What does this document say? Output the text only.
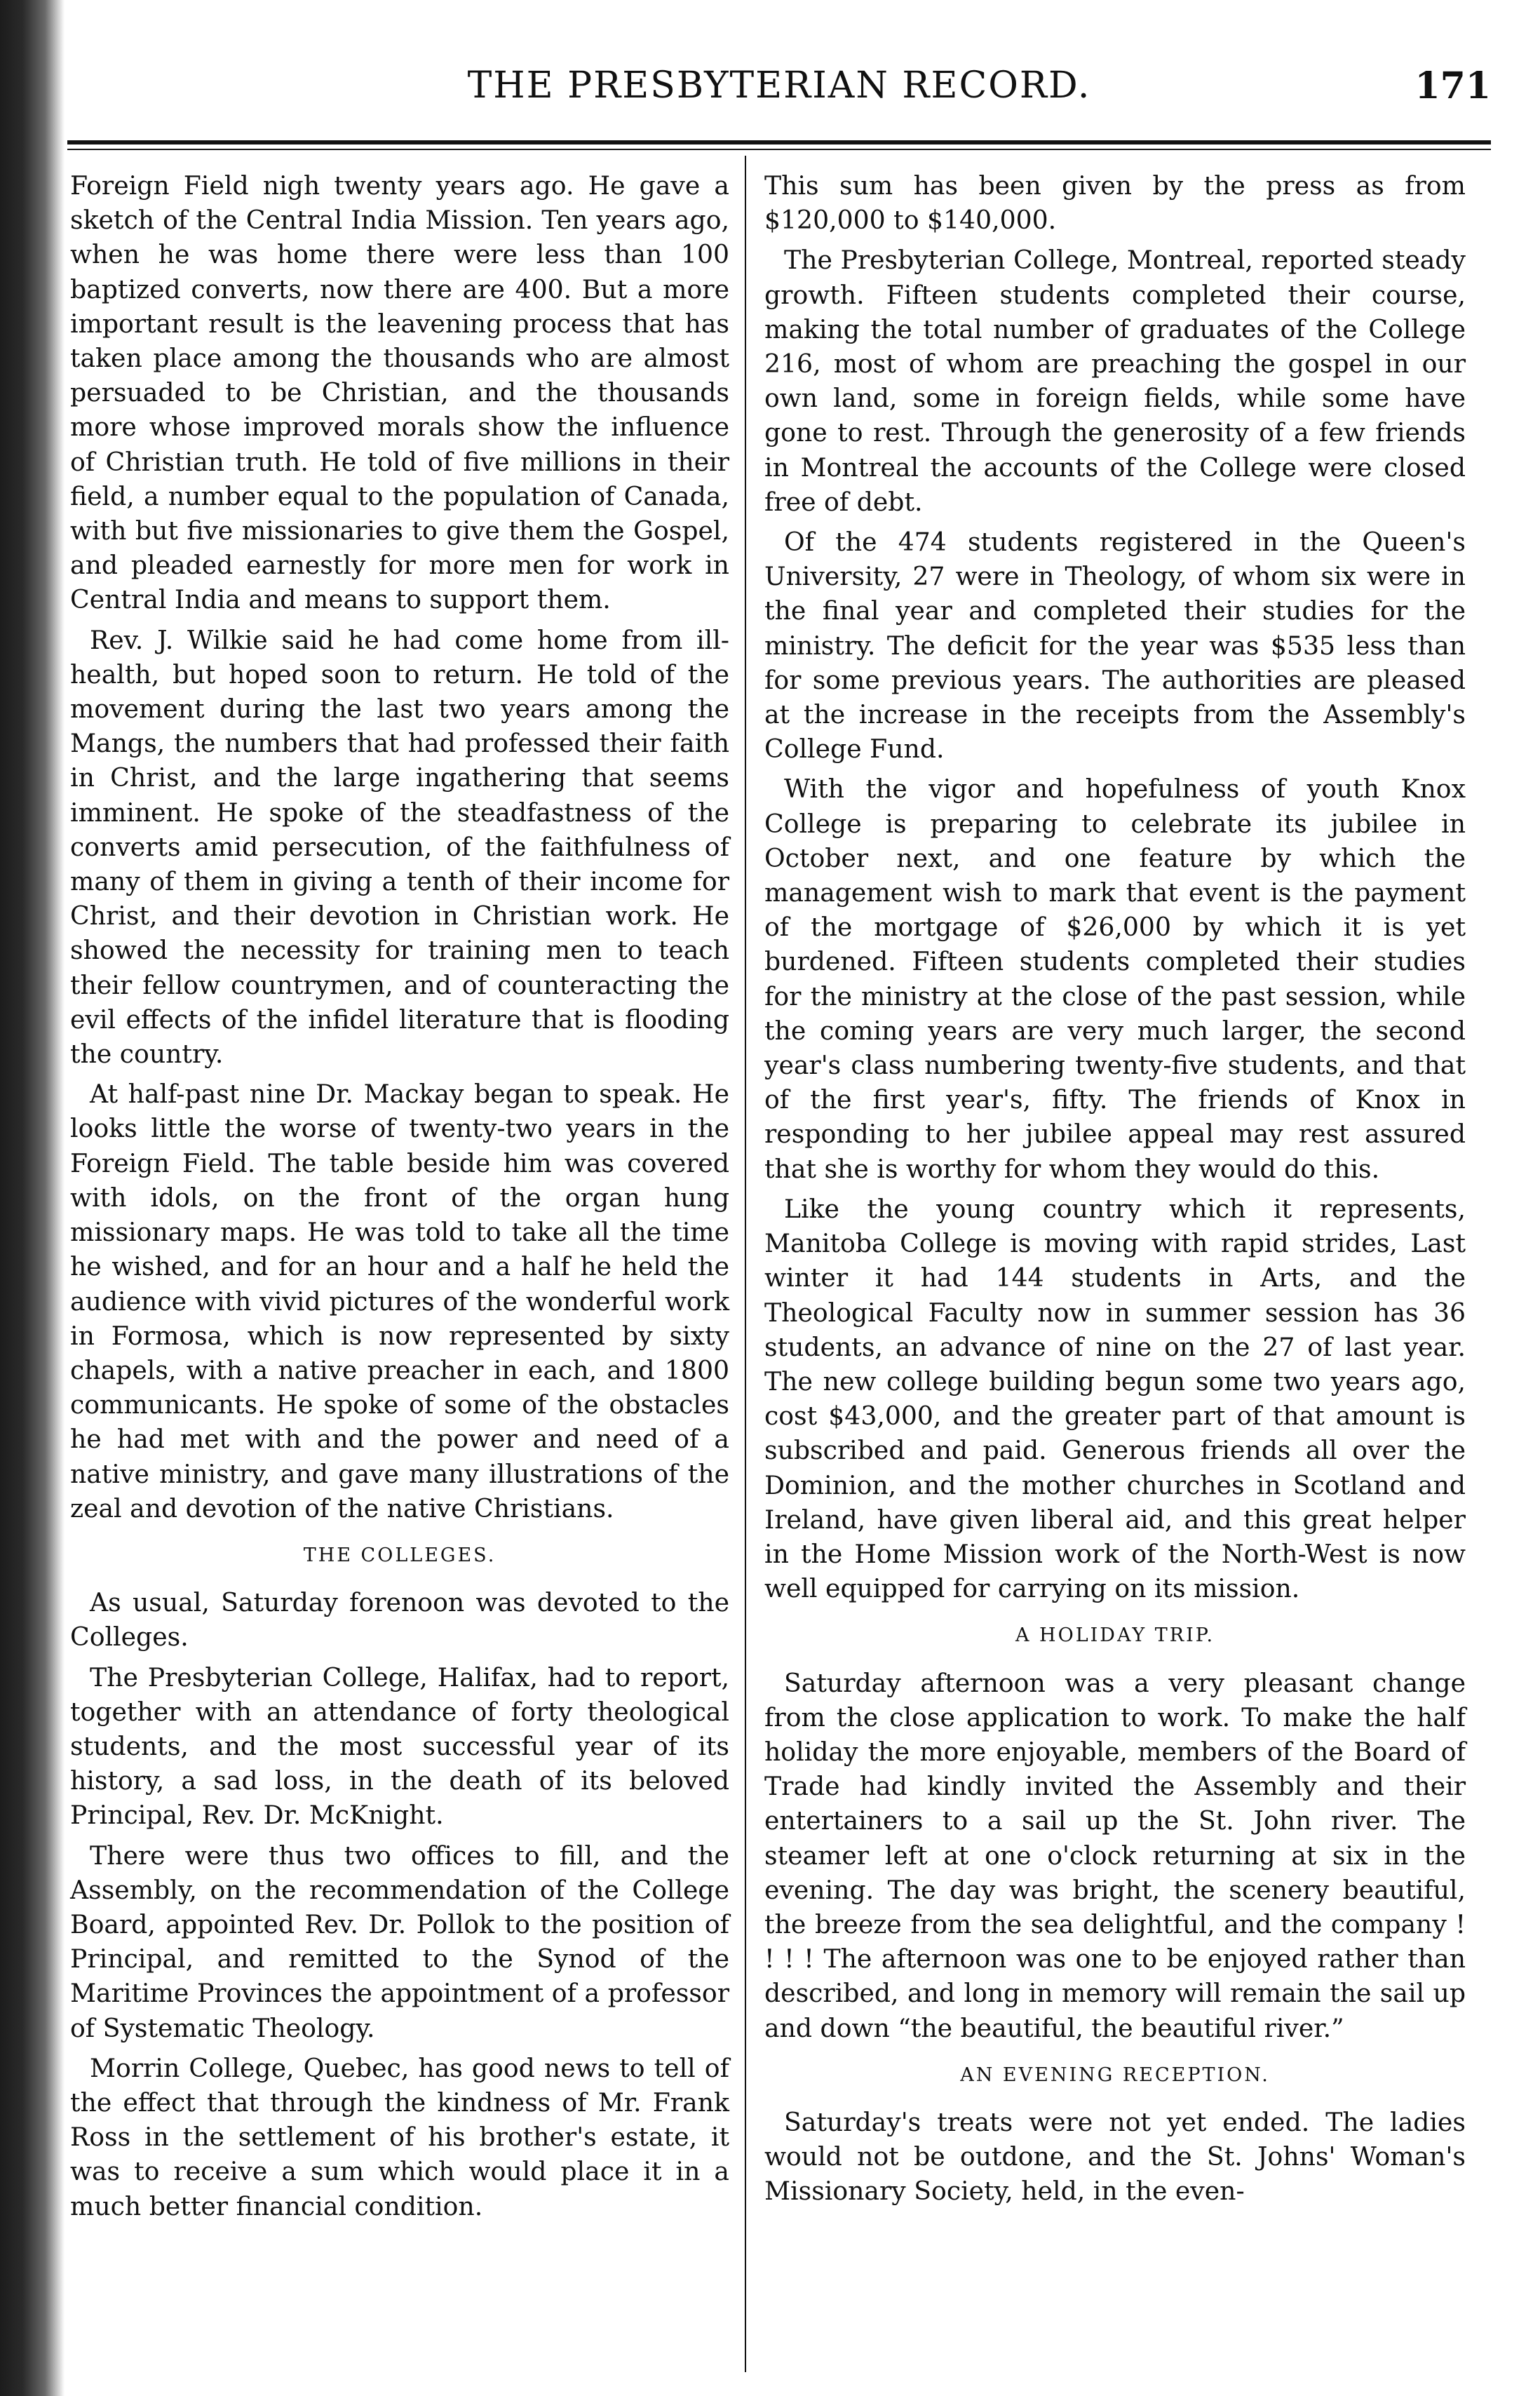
THE PRESBYTERIAN RECORD.	171

Foreign Field nigh twenty years ago. He gave a sketch of the Central India Mission. Ten years ago, when he was home there were less than 100 baptized converts, now there are 400. But a more important result is the leavening process that has taken place among the thousands who are almost persuaded to be Christian, and the thousands more whose improved morals show the influence of Christian truth. He told of five millions in their field, a number equal to the population of Canada, with but five missionaries to give them the Gospel, and pleaded earnestly for more men for work in Central India and means to support them.

Rev. J. Wilkie said he had come home from ill-health, but hoped soon to return. He told of the movement during the last two years among the Mangs, the numbers that had professed their faith in Christ, and the large ingathering that seems imminent. He spoke of the steadfastness of the converts amid persecution, of the faithfulness of many of them in giving a tenth of their income for Christ, and their devotion in Christian work. He showed the necessity for training men to teach their fellow countrymen, and of counteracting the evil effects of the infidel literature that is flooding the country.

At half-past nine Dr. Mackay began to speak. He looks little the worse of twenty-two years in the Foreign Field. The table beside him was covered with idols, on the front of the organ hung missionary maps. He was told to take all the time he wished, and for an hour and a half he held the audience with vivid pictures of the wonderful work in Formosa, which is now represented by sixty chapels, with a native preacher in each, and 1800 communicants. He spoke of some of the obstacles he had met with and the power and need of a native ministry, and gave many illustrations of the zeal and devotion of the native Christians.

THE COLLEGES.

As usual, Saturday forenoon was devoted to the Colleges.

The Presbyterian College, Halifax, had to report, together with an attendance of forty theological students, and the most successful year of its history, a sad loss, in the death of its beloved Principal, Rev. Dr. McKnight.

There were thus two offices to fill, and the Assembly, on the recommendation of the College Board, appointed Rev. Dr. Pollok to the position of Principal, and remitted to the Synod of the Maritime Provinces the appointment of a professor of Systematic Theology.

Morrin College, Quebec, has good news to tell of the effect that through the kindness of Mr. Frank Ross in the settlement of his brother's estate, it was to receive a sum which would place it in a much better financial condition.

This sum has been given by the press as from $120,000 to $140,000.

The Presbyterian College, Montreal, reported steady growth. Fifteen students completed their course, making the total number of graduates of the College 216, most of whom are preaching the gospel in our own land, some in foreign fields, while some have gone to rest. Through the generosity of a few friends in Montreal the accounts of the College were closed free of debt.

Of the 474 students registered in the Queen's University, 27 were in Theology, of whom six were in the final year and completed their studies for the ministry. The deficit for the year was $535 less than for some previous years. The authorities are pleased at the increase in the receipts from the Assembly's College Fund.

With the vigor and hopefulness of youth Knox College is preparing to celebrate its jubilee in October next, and one feature by which the management wish to mark that event is the payment of the mortgage of $26,000 by which it is yet burdened. Fifteen students completed their studies for the ministry at the close of the past session, while the coming years are very much larger, the second year's class numbering twenty-five students, and that of the first year's, fifty. The friends of Knox in responding to her jubilee appeal may rest assured that she is worthy for whom they would do this.

Like the young country which it represents, Manitoba College is moving with rapid strides, Last winter it had 144 students in Arts, and the Theological Faculty now in summer session has 36 students, an advance of nine on the 27 of last year. The new college building begun some two years ago, cost $43,000, and the greater part of that amount is subscribed and paid. Generous friends all over the Dominion, and the mother churches in Scotland and Ireland, have given liberal aid, and this great helper in the Home Mission work of the North-West is now well equipped for carrying on its mission.

A HOLIDAY TRIP.

Saturday afternoon was a very pleasant change from the close application to work. To make the half holiday the more enjoyable, members of the Board of Trade had kindly invited the Assembly and their entertainers to a sail up the St. John river. The steamer left at one o'clock returning at six in the evening. The day was bright, the scenery beautiful, the breeze from the sea delightful, and the company ! ! ! ! The afternoon was one to be enjoyed rather than described, and long in memory will remain the sail up and down “the beautiful, the beautiful river.”

AN EVENING RECEPTION.

Saturday's treats were not yet ended. The ladies would not be outdone, and the St. Johns' Woman's Missionary Society, held, in the even-
